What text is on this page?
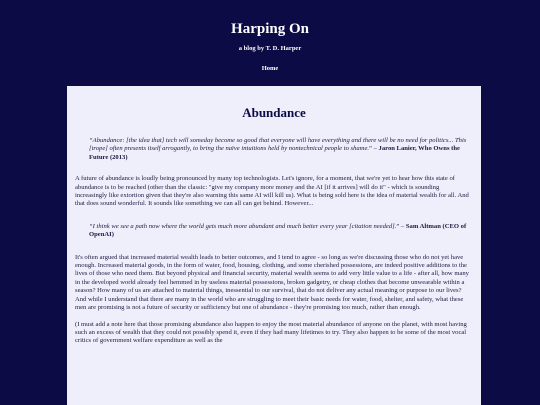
Harping On
a blog by T. D. Harper
Home
Abundance
“Abundance: [the idea that] tech will someday become so good that everyone will have everything and there will be no need for politics... This [trope] often presents itself arrogantly, to bring the naïve intuitions held by nontechnical people to shame.” – Jaron Lanier, Who Owns the Future (2013)

A future of abundance is loudly being pronounced by many top technologists. Let's ignore, for a moment, that we're yet to hear how this state of abundance is to be reached (other than the classic: "give my company more money and the AI [if it arrives] will do it" - which is sounding increasingly like extortion given that they're also warning this same AI will kill us). What is being sold here is the idea of material wealth for all. And that does sound wonderful. It sounds like something we can all can get behind. However...

“I think we see a path now where the world gets much more abundant and much better every year [citation needed].” – Sam Altman (CEO of OpenAI)

It's often argued that increased material wealth leads to better outcomes, and I tend to agree - so long as we're discussing those who do not yet have enough. Increased material goods, in the form of water, food, housing, clothing, and some cherished possessions, are indeed positive additions to the lives of those who need them. But beyond physical and financial security, material wealth seems to add very little value to a life - after all, how many in the developed world already feel hemmed in by useless material possessions, broken gadgetry, or cheap clothes that become unwearable within a season? How many of us are attached to material things, inessential to our survival, that do not deliver any actual meaning or purpose to our lives? And while I understand that there are many in the world who are struggling to meet their basic needs for water, food, shelter, and safety, what these men are promising is not a future of security or sufficiency but one of abundance - they're promising too much, rather than enough.

(I must add a note here that those promising abundance also happen to enjoy the most material abundance of anyone on the planet, with most having such an excess of wealth that they could not possibly spend it, even if they had many lifetimes to try. They also happen to be some of the most vocal critics of government welfare expenditure as well as the
